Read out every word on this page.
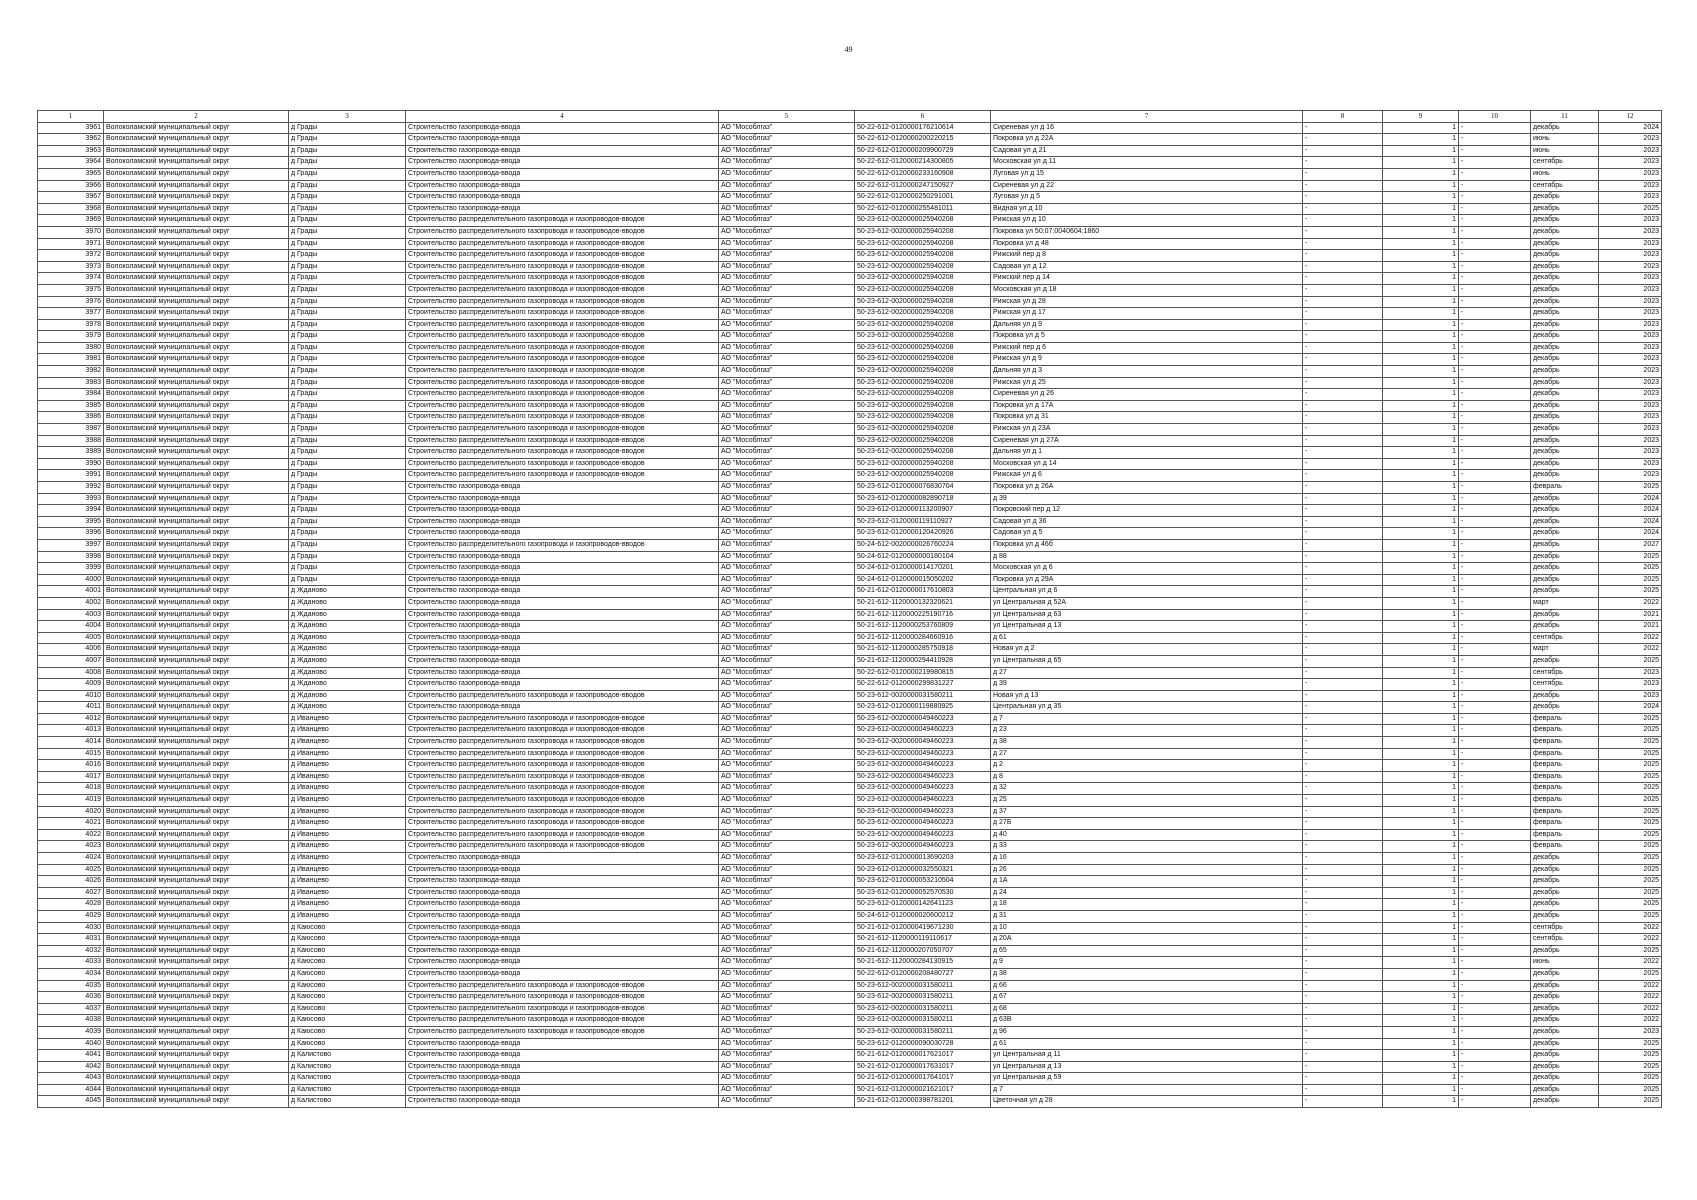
49
1	2	3	4	5	6	7	8	9	10	11	12
3961	Волоколамский муниципальный округ	д Грады	Строительство газопровода-ввода	АО "Мособлгаз"	50-22-612-0120000176210614	Сиреневая ул д 16	-	1	-	декабрь	2024
3962	Волоколамский муниципальный округ	д Грады	Строительство газопровода-ввода	АО "Мособлгаз"	50-22-612-0120000200220215	Покровка ул д 22А	-	1	-	июнь	2023
3963	Волоколамский муниципальный округ	д Грады	Строительство газопровода-ввода	АО "Мособлгаз"	50-22-612-0120000209900729	Садовая ул д 21	-	1	-	июнь	2023
3964	Волоколамский муниципальный округ	д Грады	Строительство газопровода-ввода	АО "Мособлгаз"	50-22-612-0120000214300805	Московская ул д 11	-	1	-	сентябрь	2023
3965	Волоколамский муниципальный округ	д Грады	Строительство газопровода-ввода	АО "Мособлгаз"	50-22-612-0120000233160908	Луговая ул д 15	-	1	-	июнь	2023
3966	Волоколамский муниципальный округ	д Грады	Строительство газопровода-ввода	АО "Мособлгаз"	50-22-612-0120000247150927	Сиреневая ул д 22	-	1	-	сентябрь	2023
3967	Волоколамский муниципальный округ	д Грады	Строительство газопровода-ввода	АО "Мособлгаз"	50-22-612-0120000250291001	Луговая ул д 5	-	1	-	декабрь	2023
3968	Волоколамский муниципальный округ	д Грады	Строительство газопровода-ввода	АО "Мособлгаз"	50-22-612-0120000255481011	Видная ул д 10	-	1	-	декабрь	2025
3969	Волоколамский муниципальный округ	д Грады	Строительство распределительного газопровода и газопроводов-вводов	АО "Мособлгаз"	50-23-612-0020000025940208	Рижская ул д 10	-	1	-	декабрь	2023
3970	Волоколамский муниципальный округ	д Грады	Строительство распределительного газопровода и газопроводов-вводов	АО "Мособлгаз"	50-23-612-0020000025940208	Покровка ул 50:07:0040604:1860	-	1	-	декабрь	2023
3971	Волоколамский муниципальный округ	д Грады	Строительство распределительного газопровода и газопроводов-вводов	АО "Мособлгаз"	50-23-612-0020000025940208	Покровка ул д 48	-	1	-	декабрь	2023
3972	Волоколамский муниципальный округ	д Грады	Строительство распределительного газопровода и газопроводов-вводов	АО "Мособлгаз"	50-23-612-0020000025940208	Рижский пер д 8	-	1	-	декабрь	2023
3973	Волоколамский муниципальный округ	д Грады	Строительство распределительного газопровода и газопроводов-вводов	АО "Мособлгаз"	50-23-612-0020000025940208	Садовая ул д 12	-	1	-	декабрь	2023
3974	Волоколамский муниципальный округ	д Грады	Строительство распределительного газопровода и газопроводов-вводов	АО "Мособлгаз"	50-23-612-0020000025940208	Рижский пер д 14	-	1	-	декабрь	2023
3975	Волоколамский муниципальный округ	д Грады	Строительство распределительного газопровода и газопроводов-вводов	АО "Мособлгаз"	50-23-612-0020000025940208	Московская ул д 18	-	1	-	декабрь	2023
3976	Волоколамский муниципальный округ	д Грады	Строительство распределительного газопровода и газопроводов-вводов	АО "Мособлгаз"	50-23-612-0020000025940208	Рижская ул д 28	-	1	-	декабрь	2023
3977	Волоколамский муниципальный округ	д Грады	Строительство распределительного газопровода и газопроводов-вводов	АО "Мособлгаз"	50-23-612-0020000025940208	Рижская ул д 17	-	1	-	декабрь	2023
3978	Волоколамский муниципальный округ	д Грады	Строительство распределительного газопровода и газопроводов-вводов	АО "Мособлгаз"	50-23-612-0020000025940208	Дальняя ул д 9	-	1	-	декабрь	2023
3979	Волоколамский муниципальный округ	д Грады	Строительство распределительного газопровода и газопроводов-вводов	АО "Мособлгаз"	50-23-612-0020000025940208	Покровка ул д 5	-	1	-	декабрь	2023
3980	Волоколамский муниципальный округ	д Грады	Строительство распределительного газопровода и газопроводов-вводов	АО "Мособлгаз"	50-23-612-0020000025940208	Рижский пер д 6	-	1	-	декабрь	2023
3981	Волоколамский муниципальный округ	д Грады	Строительство распределительного газопровода и газопроводов-вводов	АО "Мособлгаз"	50-23-612-0020000025940208	Рижская ул д 9	-	1	-	декабрь	2023
3982	Волоколамский муниципальный округ	д Грады	Строительство распределительного газопровода и газопроводов-вводов	АО "Мособлгаз"	50-23-612-0020000025940208	Дальняя ул д 3	-	1	-	декабрь	2023
3983	Волоколамский муниципальный округ	д Грады	Строительство распределительного газопровода и газопроводов-вводов	АО "Мособлгаз"	50-23-612-0020000025940208	Рижская ул д 25	-	1	-	декабрь	2023
3984	Волоколамский муниципальный округ	д Грады	Строительство распределительного газопровода и газопроводов-вводов	АО "Мособлгаз"	50-23-612-0020000025940208	Сиреневая ул д 26	-	1	-	декабрь	2023
3985	Волоколамский муниципальный округ	д Грады	Строительство распределительного газопровода и газопроводов-вводов	АО "Мособлгаз"	50-23-612-0020000025940208	Покровка ул д 17А	-	1	-	декабрь	2023
3986	Волоколамский муниципальный округ	д Грады	Строительство распределительного газопровода и газопроводов-вводов	АО "Мособлгаз"	50-23-612-0020000025940208	Покровка ул д 31	-	1	-	декабрь	2023
3987	Волоколамский муниципальный округ	д Грады	Строительство распределительного газопровода и газопроводов-вводов	АО "Мособлгаз"	50-23-612-0020000025940208	Рижская ул д 23А	-	1	-	декабрь	2023
3988	Волоколамский муниципальный округ	д Грады	Строительство распределительного газопровода и газопроводов-вводов	АО "Мособлгаз"	50-23-612-0020000025940208	Сиреневая ул д 27А	-	1	-	декабрь	2023
3989	Волоколамский муниципальный округ	д Грады	Строительство распределительного газопровода и газопроводов-вводов	АО "Мособлгаз"	50-23-612-0020000025940208	Дальняя ул д 1	-	1	-	декабрь	2023
3990	Волоколамский муниципальный округ	д Грады	Строительство распределительного газопровода и газопроводов-вводов	АО "Мособлгаз"	50-23-612-0020000025940208	Московская ул д 14	-	1	-	декабрь	2023
3991	Волоколамский муниципальный округ	д Грады	Строительство распределительного газопровода и газопроводов-вводов	АО "Мособлгаз"	50-23-612-0020000025940208	Рижская ул д 6	-	1	-	декабрь	2023
3992	Волоколамский муниципальный округ	д Грады	Строительство газопровода-ввода	АО "Мособлгаз"	50-23-612-0120000076830704	Покровка ул д 26А	-	1	-	февраль	2025
3993	Волоколамский муниципальный округ	д Грады	Строительство газопровода-ввода	АО "Мособлгаз"	50-23-612-0120000082890718	д 39	-	1	-	декабрь	2024
3994	Волоколамский муниципальный округ	д Грады	Строительство газопровода-ввода	АО "Мособлгаз"	50-23-612-0120000113200907	Покровский пер д 12	-	1	-	декабрь	2024
3995	Волоколамский муниципальный округ	д Грады	Строительство газопровода-ввода	АО "Мособлгаз"	50-23-612-0120000119110927	Садовая ул д 36	-	1	-	декабрь	2024
3996	Волоколамский муниципальный округ	д Грады	Строительство газопровода-ввода	АО "Мособлгаз"	50-23-612-0120000120420926	Садовая ул д 5	-	1	-	декабрь	2024
3997	Волоколамский муниципальный округ	д Грады	Строительство распределительного газопровода и газопроводов-вводов	АО "Мособлгаз"	50-24-612-0020000026760224	Покровка ул д 46б	-	1	-	декабрь	2027
3998	Волоколамский муниципальный округ	д Грады	Строительство газопровода-ввода	АО "Мособлгаз"	50-24-612-0120000000180104	д 88	-	1	-	декабрь	2025
3999	Волоколамский муниципальный округ	д Грады	Строительство газопровода-ввода	АО "Мособлгаз"	50-24-612-0120000014170201	Московская ул д 6	-	1	-	декабрь	2025
4000	Волоколамский муниципальный округ	д Грады	Строительство газопровода-ввода	АО "Мособлгаз"	50-24-612-0120000015050202	Покровка ул д 29А	-	1	-	декабрь	2025
4001	Волоколамский муниципальный округ	д Жданово	Строительство газопровода-ввода	АО "Мособлгаз"	50-21-612-0120000017610803	Центральная ул д 6	-	1	-	декабрь	2025
4002	Волоколамский муниципальный округ	д Жданово	Строительство газопровода-ввода	АО "Мособлгаз"	50-21-612-1120000132320621	ул Центральная д 52А	-	1	-	март	2022
4003	Волоколамский муниципальный округ	д Жданово	Строительство газопровода-ввода	АО "Мособлгаз"	50-21-612-1120000225190716	ул Центральная д 63	-	1	-	декабрь	2021
4004	Волоколамский муниципальный округ	д Жданово	Строительство газопровода-ввода	АО "Мособлгаз"	50-21-612-1120000253760809	ул Центральная д 13	-	1	-	декабрь	2021
4005	Волоколамский муниципальный округ	д Жданово	Строительство газопровода-ввода	АО "Мособлгаз"	50-21-612-1120000284660916	д 61	-	1	-	сентябрь	2022
4006	Волоколамский муниципальный округ	д Жданово	Строительство газопровода-ввода	АО "Мособлгаз"	50-21-612-1120000285750918	Новая ул д 2	-	1	-	март	2022
4007	Волоколамский муниципальный округ	д Жданово	Строительство газопровода-ввода	АО "Мособлгаз"	50-21-612-1120000294410928	ул Центральная д 65	-	1	-	декабрь	2025
4008	Волоколамский муниципальный округ	д Жданово	Строительство газопровода-ввода	АО "Мособлгаз"	50-22-612-0120000219980815	д 27	-	1	-	сентябрь	2023
4009	Волоколамский муниципальный округ	д Жданово	Строительство газопровода-ввода	АО "Мособлгаз"	50-22-612-0120000299831227	д 39	-	1	-	сентябрь	2023
4010	Волоколамский муниципальный округ	д Жданово	Строительство распределительного газопровода и газопроводов-вводов	АО "Мособлгаз"	50-23-612-0020000031580211	Новая ул д 13	-	1	-	декабрь	2023
4011	Волоколамский муниципальный округ	д Жданово	Строительство газопровода-ввода	АО "Мособлгаз"	50-23-612-0120000119880925	Центральная ул д 35	-	1	-	декабрь	2024
4012	Волоколамский муниципальный округ	д Иванцево	Строительство распределительного газопровода и газопроводов-вводов	АО "Мособлгаз"	50-23-612-0020000049460223	д 7	-	1	-	февраль	2025
4013	Волоколамский муниципальный округ	д Иванцево	Строительство распределительного газопровода и газопроводов-вводов	АО "Мособлгаз"	50-23-612-0020000049460223	д 23	-	1	-	февраль	2025
4014	Волоколамский муниципальный округ	д Иванцево	Строительство распределительного газопровода и газопроводов-вводов	АО "Мособлгаз"	50-23-612-0020000049460223	д 38	-	1	-	февраль	2025
4015	Волоколамский муниципальный округ	д Иванцево	Строительство распределительного газопровода и газопроводов-вводов	АО "Мособлгаз"	50-23-612-0020000049460223	д 27	-	1	-	февраль	2025
4016	Волоколамский муниципальный округ	д Иванцево	Строительство распределительного газопровода и газопроводов-вводов	АО "Мособлгаз"	50-23-612-0020000049460223	д 2	-	1	-	февраль	2025
4017	Волоколамский муниципальный округ	д Иванцево	Строительство распределительного газопровода и газопроводов-вводов	АО "Мособлгаз"	50-23-612-0020000049460223	д 8	-	1	-	февраль	2025
4018	Волоколамский муниципальный округ	д Иванцево	Строительство распределительного газопровода и газопроводов-вводов	АО "Мособлгаз"	50-23-612-0020000049460223	д 32	-	1	-	февраль	2025
4019	Волоколамский муниципальный округ	д Иванцево	Строительство распределительного газопровода и газопроводов-вводов	АО "Мособлгаз"	50-23-612-0020000049460223	д 25	-	1	-	февраль	2025
4020	Волоколамский муниципальный округ	д Иванцево	Строительство распределительного газопровода и газопроводов-вводов	АО "Мособлгаз"	50-23-612-0020000049460223	д 37	-	1	-	февраль	2025
4021	Волоколамский муниципальный округ	д Иванцево	Строительство распределительного газопровода и газопроводов-вводов	АО "Мособлгаз"	50-23-612-0020000049460223	д 27Б	-	1	-	февраль	2025
4022	Волоколамский муниципальный округ	д Иванцево	Строительство распределительного газопровода и газопроводов-вводов	АО "Мособлгаз"	50-23-612-0020000049460223	д 40	-	1	-	февраль	2025
4023	Волоколамский муниципальный округ	д Иванцево	Строительство распределительного газопровода и газопроводов-вводов	АО "Мособлгаз"	50-23-612-0020000049460223	д 33	-	1	-	февраль	2025
4024	Волоколамский муниципальный округ	д Иванцево	Строительство газопровода-ввода	АО "Мособлгаз"	50-23-612-0120000013690203	д 16	-	1	-	декабрь	2025
4025	Волоколамский муниципальный округ	д Иванцево	Строительство газопровода-ввода	АО "Мособлгаз"	50-23-612-0120000032550321	д 26	-	1	-	декабрь	2025
4026	Волоколамский муниципальный округ	д Иванцево	Строительство газопровода-ввода	АО "Мособлгаз"	50-23-612-0120000053210504	д 1А	-	1	-	декабрь	2025
4027	Волоколамский муниципальный округ	д Иванцево	Строительство газопровода-ввода	АО "Мособлгаз"	50-23-612-0120000052570530	д 24	-	1	-	декабрь	2025
4028	Волоколамский муниципальный округ	д Иванцево	Строительство газопровода-ввода	АО "Мособлгаз"	50-23-612-0120000142641123	д 18	-	1	-	декабрь	2025
4029	Волоколамский муниципальный округ	д Иванцево	Строительство газопровода-ввода	АО "Мособлгаз"	50-24-612-0120000020600212	д 31	-	1	-	декабрь	2025
4030	Волоколамский муниципальный округ	д Каюсово	Строительство газопровода-ввода	АО "Мособлгаз"	50-21-612-0120000419671230	д 10	-	1	-	сентябрь	2022
4031	Волоколамский муниципальный округ	д Каюсово	Строительство газопровода-ввода	АО "Мособлгаз"	50-21-612-1120000119110617	д 20А	-	1	-	сентябрь	2022
4032	Волоколамский муниципальный округ	д Каюсово	Строительство газопровода-ввода	АО "Мособлгаз"	50-21-612-1120000207050707	д 65	-	1	-	декабрь	2025
4033	Волоколамский муниципальный округ	д Каюсово	Строительство газопровода-ввода	АО "Мособлгаз"	50-21-612-1120000284130915	д 9	-	1	-	июнь	2022
4034	Волоколамский муниципальный округ	д Каюсово	Строительство газопровода-ввода	АО "Мособлгаз"	50-22-612-0120000208480727	д 38	-	1	-	декабрь	2025
4035	Волоколамский муниципальный округ	д Каюсово	Строительство распределительного газопровода и газопроводов-вводов	АО "Мособлгаз"	50-23-612-0020000031580211	д 66	-	1	-	декабрь	2022
4036	Волоколамский муниципальный округ	д Каюсово	Строительство распределительного газопровода и газопроводов-вводов	АО "Мособлгаз"	50-23-612-0020000031580211	д 67	-	1	-	декабрь	2022
4037	Волоколамский муниципальный округ	д Каюсово	Строительство распределительного газопровода и газопроводов-вводов	АО "Мособлгаз"	50-23-612-0020000031580211	д 68	-	1	-	декабрь	2022
4038	Волоколамский муниципальный округ	д Каюсово	Строительство распределительного газопровода и газопроводов-вводов	АО "Мособлгаз"	50-23-612-0020000031580211	д 63В	-	1	-	декабрь	2022
4039	Волоколамский муниципальный округ	д Каюсово	Строительство распределительного газопровода и газопроводов-вводов	АО "Мособлгаз"	50-23-612-0020000031580211	д 96	-	1	-	декабрь	2023
4040	Волоколамский муниципальный округ	д Каюсово	Строительство газопровода-ввода	АО "Мособлгаз"	50-23-612-0120000090030728	д 61	-	1	-	декабрь	2025
4041	Волоколамский муниципальный округ	д Калистово	Строительство газопровода-ввода	АО "Мособлгаз"	50-21-612-0120000017621017	ул Центральная д 11	-	1	-	декабрь	2025
4042	Волоколамский муниципальный округ	д Калистово	Строительство газопровода-ввода	АО "Мособлгаз"	50-21-612-0120000017631017	ул Центральная д 13	-	1	-	декабрь	2025
4043	Волоколамский муниципальный округ	д Калистово	Строительство газопровода-ввода	АО "Мособлгаз"	50-21-612-0120000017641017	ул Центральная д 59	-	1	-	декабрь	2025
4044	Волоколамский муниципальный округ	д Калистово	Строительство газопровода-ввода	АО "Мособлгаз"	50-21-612-0120000021621017	д 7	-	1	-	декабрь	2025
4045	Волоколамский муниципальный округ	д Калистово	Строительство газопровода-ввода	АО "Мособлгаз"	50-21-612-0120000398781201	Цветочная ул д 28	-	1	-	декабрь	2025
